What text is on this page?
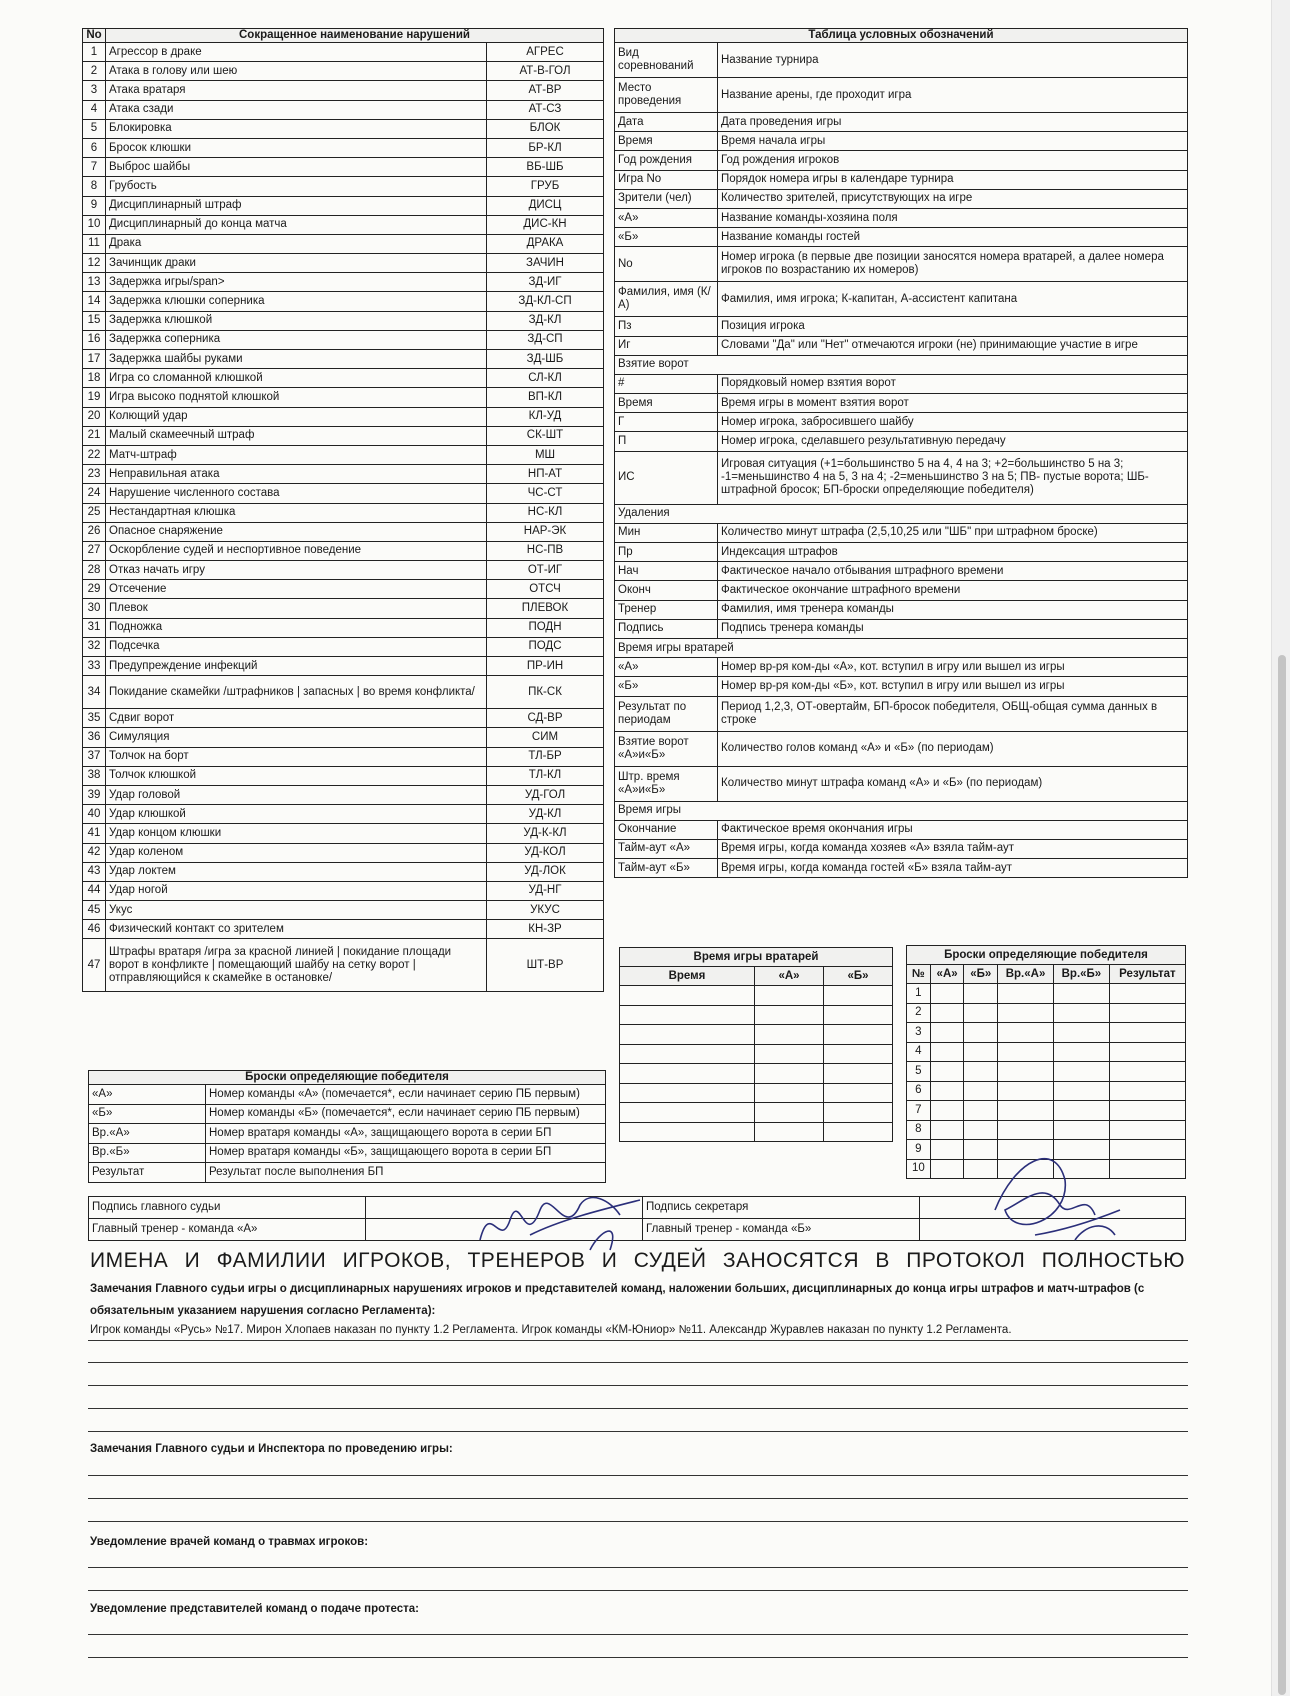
No	Сокращенное наименование нарушений	
1	Агрессор в драке	АГРЕС
2	Атака в голову или шею	АТ-В-ГОЛ
3	Атака вратаря	АТ-ВР
4	Атака сзади	АТ-СЗ
5	Блокировка	БЛОК
6	Бросок клюшки	БР-КЛ
7	Выброс шайбы	ВБ-ШБ
8	Грубость	ГРУБ
9	Дисциплинарный штраф	ДИСЦ
10	Дисциплинарный до конца матча	ДИС-КН
11	Драка	ДРАКА
12	Зачинщик драки	ЗАЧИН
13	Задержка игры/span>	ЗД-ИГ
14	Задержка клюшки соперника	ЗД-КЛ-СП
15	Задержка клюшкой	ЗД-КЛ
16	Задержка соперника	ЗД-СП
17	Задержка шайбы руками	ЗД-ШБ
18	Игра со сломанной клюшкой	СЛ-КЛ
19	Игра высоко поднятой клюшкой	ВП-КЛ
20	Колющий удар	КЛ-УД
21	Малый скамеечный штраф	СК-ШТ
22	Матч-штраф	МШ
23	Неправильная атака	НП-АТ
24	Нарушение численного состава	ЧС-СТ
25	Нестандартная клюшка	НС-КЛ
26	Опасное снаряжение	НАР-ЭК
27	Оскорбление судей и неспортивное поведение	НС-ПВ
28	Отказ начать игру	ОТ-ИГ
29	Отсечение	ОТСЧ
30	Плевок	ПЛЕВОК
31	Подножка	ПОДН
32	Подсечка	ПОДС
33	Предупреждение инфекций	ПР-ИН
34	Покидание скамейки /штрафников | запасных | во время конфликта/	ПК-СК
35	Сдвиг ворот	СД-ВР
36	Симуляция	СИМ
37	Толчок на борт	ТЛ-БР
38	Толчок клюшкой	ТЛ-КЛ
39	Удар головой	УД-ГОЛ
40	Удар клюшкой	УД-КЛ
41	Удар концом клюшки	УД-К-КЛ
42	Удар коленом	УД-КОЛ
43	Удар локтем	УД-ЛОК
44	Удар ногой	УД-НГ
45	Укус	УКУС
46	Физический контакт со зрителем	КН-ЗР
47	Штрафы вратаря /игра за красной линией | покидание площади ворот в конфликте | помещающий шайбу на сетку ворот |отправляющийся к скамейке в остановке/	ШТ-ВР
Таблица условных обозначений	
Вид соревнований	Название турнира
Место проведения	Название арены, где проходит игра
Дата	Дата проведения игры
Время	Время начала игры
Год рождения	Год рождения игроков
Игра No	Порядок номера игры в календаре турнира
Зрители (чел)	Количество зрителей, присутствующих на игре
«А»	Название команды-хозяина поля
«Б»	Название команды гостей
No	Номер игрока (в первые две позиции заносятся номера вратарей, а далее номера игроков по возрастанию их номеров)
Фамилия, имя (К/А)	Фамилия, имя игрока; К-капитан, А-ассистент капитана
Пз	Позиция игрока
Иг	Словами "Да" или "Нет" отмечаются игроки (не) принимающие участие в игре
Взятие ворот	
#	Порядковый номер взятия ворот
Время	Время игры в момент взятия ворот
Г	Номер игрока, забросившего шайбу
П	Номер игрока, сделавшего результативную передачу
ИС	Игровая ситуация (+1=большинство 5 на 4, 4 на 3; +2=большинство 5 на 3; -1=меньшинство 4 на 5, 3 на 4; -2=меньшинство 3 на 5; ПВ- пустые ворота; ШБ-штрафной бросок; БП-броски определяющие победителя)
Удаления	
Мин	Количество минут штрафа (2,5,10,25 или "ШБ" при штрафном броске)
Пр	Индексация штрафов
Нач	Фактическое начало отбывания штрафного времени
Оконч	Фактическое окончание штрафного времени
Тренер	Фамилия, имя тренера команды
Подпись	Подпись тренера команды
Время игры вратарей	
«А»	Номер вр-ря ком-ды «А», кот. вступил в игру или вышел из игры
«Б»	Номер вр-ря ком-ды «Б», кот. вступил в игру или вышел из игры
Результат по периодам	Период 1,2,3, ОТ-овертайм, БП-бросок победителя, ОБЩ-общая сумма данных в строке
Взятие ворот «А»и«Б»	Количество голов команд «А» и «Б» (по периодам)
Штр. время «А»и«Б»	Количество минут штрафа команд «А» и «Б» (по периодам)
Время игры	
Окончание	Фактическое время окончания игры
Тайм-аут «А»	Время игры, когда команда хозяев «А» взяла тайм-аут
Тайм-аут «Б»	Время игры, когда команда гостей «Б» взяла тайм-аут
Время игры вратарей		
Время	«А»	«Б»

Броски определяющие победителя					
№	«А»	«Б»	Вр.«А»	Вр.«Б»	Результат
1					
2					
3					
4					
5					
6					
7					
8					
9					
10					
Броски определяющие победителя	
«А»	Номер команды «А» (помечается*, если начинает серию ПБ первым)
«Б»	Номер команды «Б» (помечается*, если начинает серию ПБ первым)
Вр.«А»	Номер вратаря команды «А», защищающего ворота в серии БП
Вр.«Б»	Номер вратаря команды «Б», защищающего ворота в серии БП
Результат	Результат после выполнения БП
Подпись главного судьи		Подпись секретаря	
Главный тренер - команда «А»		Главный тренер - команда «Б»	
ИМЕНА И ФАМИЛИИ ИГРОКОВ, ТРЕНЕРОВ И СУДЕЙ ЗАНОСЯТСЯ В ПРОТОКОЛ ПОЛНОСТЬЮ
Замечания Главного судьи игры о дисциплинарных нарушениях игроков и представителей команд, наложении больших, дисциплинарных до конца игры штрафов и матч-штрафов (с
обязательным указанием нарушения согласно Регламента):
Игрок команды «Русь» №17. Мирон Хлопаев наказан по пункту 1.2 Регламента. Игрок команды «КМ-Юниор» №11. Александр Журавлев наказан по пункту 1.2 Регламента.
Замечания Главного судьи и Инспектора по проведению игры:
Уведомление врачей команд о травмах игроков:
Уведомление представителей команд о подаче протеста:
